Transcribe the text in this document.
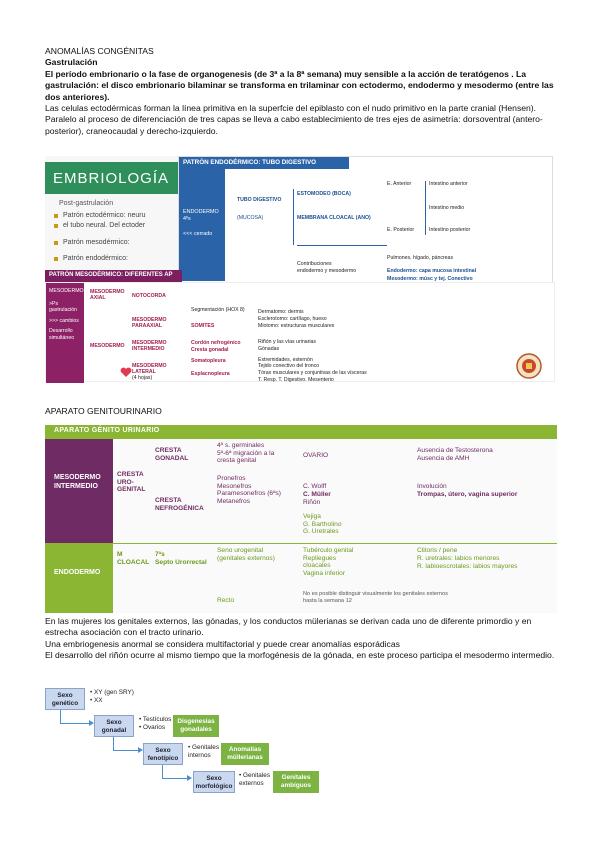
ANOMALÍAS CONGÉNITAS
Gastrulación
El período embrionario o la fase de organogenesis (de 3ª a la 8ª semana) muy sensible a la acción de teratógenos . La gastrulación: el disco embrionario bilaminar se transforma en trilaminar con ectodermo, endodermo y mesodermo (entre las dos anteriores).
Las celulas ectodérmicas forman la línea primitiva en la superfcie del epiblasto con el nudo primitivo en la parte cranial (Hensen).
Paralelo al proceso de diferenciación de tres capas se lleva a cabo establecimiento de tres ejes de asimetría: dorsoventral (antero-posterior), craneocaudal y derecho-izquierdo.
EMBRIOLOGÍA
Post-gastrulación
Patrón ectodérmico: neuru
el tubo neural. Del ectoder
Patrón mesodérmico:
Patrón endodérmico:
PATRÓN ENDODÉRMICO: TUBO DIGESTIVO
ENDODERMO
4ºs
<<< cerrado
TUBO DIGESTIVO
(MUCOSA)
ESTOMODEO (BOCA)
MEMBRANA CLOACAL (ANO)
E. Anterior
E. Posterior
Intestino anterior
Intestino medio
Intestino posterior
Contribuciones
endodermo y mesodermo
Pulmones, hígado, páncreas
Endodermo: capa mucosa intestinal
Mesodermo: músc y tej. Conectivo
PATRÓN MESODÉRMICO: DIFERENTES AP
MESODERMO
>Ps
gastrulación
>>> cambios
Desarrollo
simultáneo
MESODERMO AXIAL	NOTOCORDA
MESODERMO
MESODERMO PARAAXIAL
Segmentación (HOX 8)
SOMITES
MESODERMO INTERMEDIO
Cordón nefrogénico
Cresta gonadal
MESODERMO LATERAL
(4 hojas)
Somatopleura
Esplacnopleura
Dermatomo: dermis
Esclerotomo: cartílago, hueso
Miotomo: estructuras musculares
Riñón y las vías urinarias
Gónadas
Extremidades, esternón
Tejido conectivo del tronco
Tórax musculares y conjuntivas de las vísceras
T. Resp. T. Digestivo. Mesenterio
APARATO GENITOURINARIO
APARATO GÉNITO URINARIO
MESODERMO
INTERMEDIO
ENDODERMO
CRESTA
URO-
GENITAL
CRESTA
GONADAL
CRESTA
NEFROGÉNICA
4ª s. germinales
5ª-6ª migración a la
cresta genital
Pronefros
Mesonefros
Paramesonefros (6ªs)
Metanefros
OVARIO
C. Wolff
C. Müller
Riñón
Ausencia de Testosterona
Ausencia de AMH
Involución
Trompas, útero, vagina superior
M
CLOACAL
7ªs
Septo Urorrectal
Seno urogenital
(genitales externos)
Vejiga
G. Bartholino
G. Uretrales
Tubérculo genital
Repliegues
cloacales
Vagina inferior
Clitoris / pene
R. uretrales: labios menores
R. labioescrotales: labios mayores
Recto
No es posible distinguir visualmente los genitales externos
hasta la semana 12
En las mujeres los genitales externos, las gónadas, y los conductos mülerianas se derivan cada uno de diferente primordio y en estrecha asociación con el tracto urinario.
Una embriogenesis anormal se considera multifactorial y puede crear anomalías esporádicas
El desarrollo del riñón ocurre al mismo tiempo que la morfogénesis de la gónada, en este proceso participa el mesodermo intermedio.
Sexo
genético
• XY (gen SRY)
• XX
Sexo
gonadal
• Testículos
• Ovarios
Disgenesias
gonadales
Sexo
fenotípico
• Genitales
internos
Anomalías
müllerianas
Sexo
morfológico
• Genitales
externos
Genitales
ambiguos
